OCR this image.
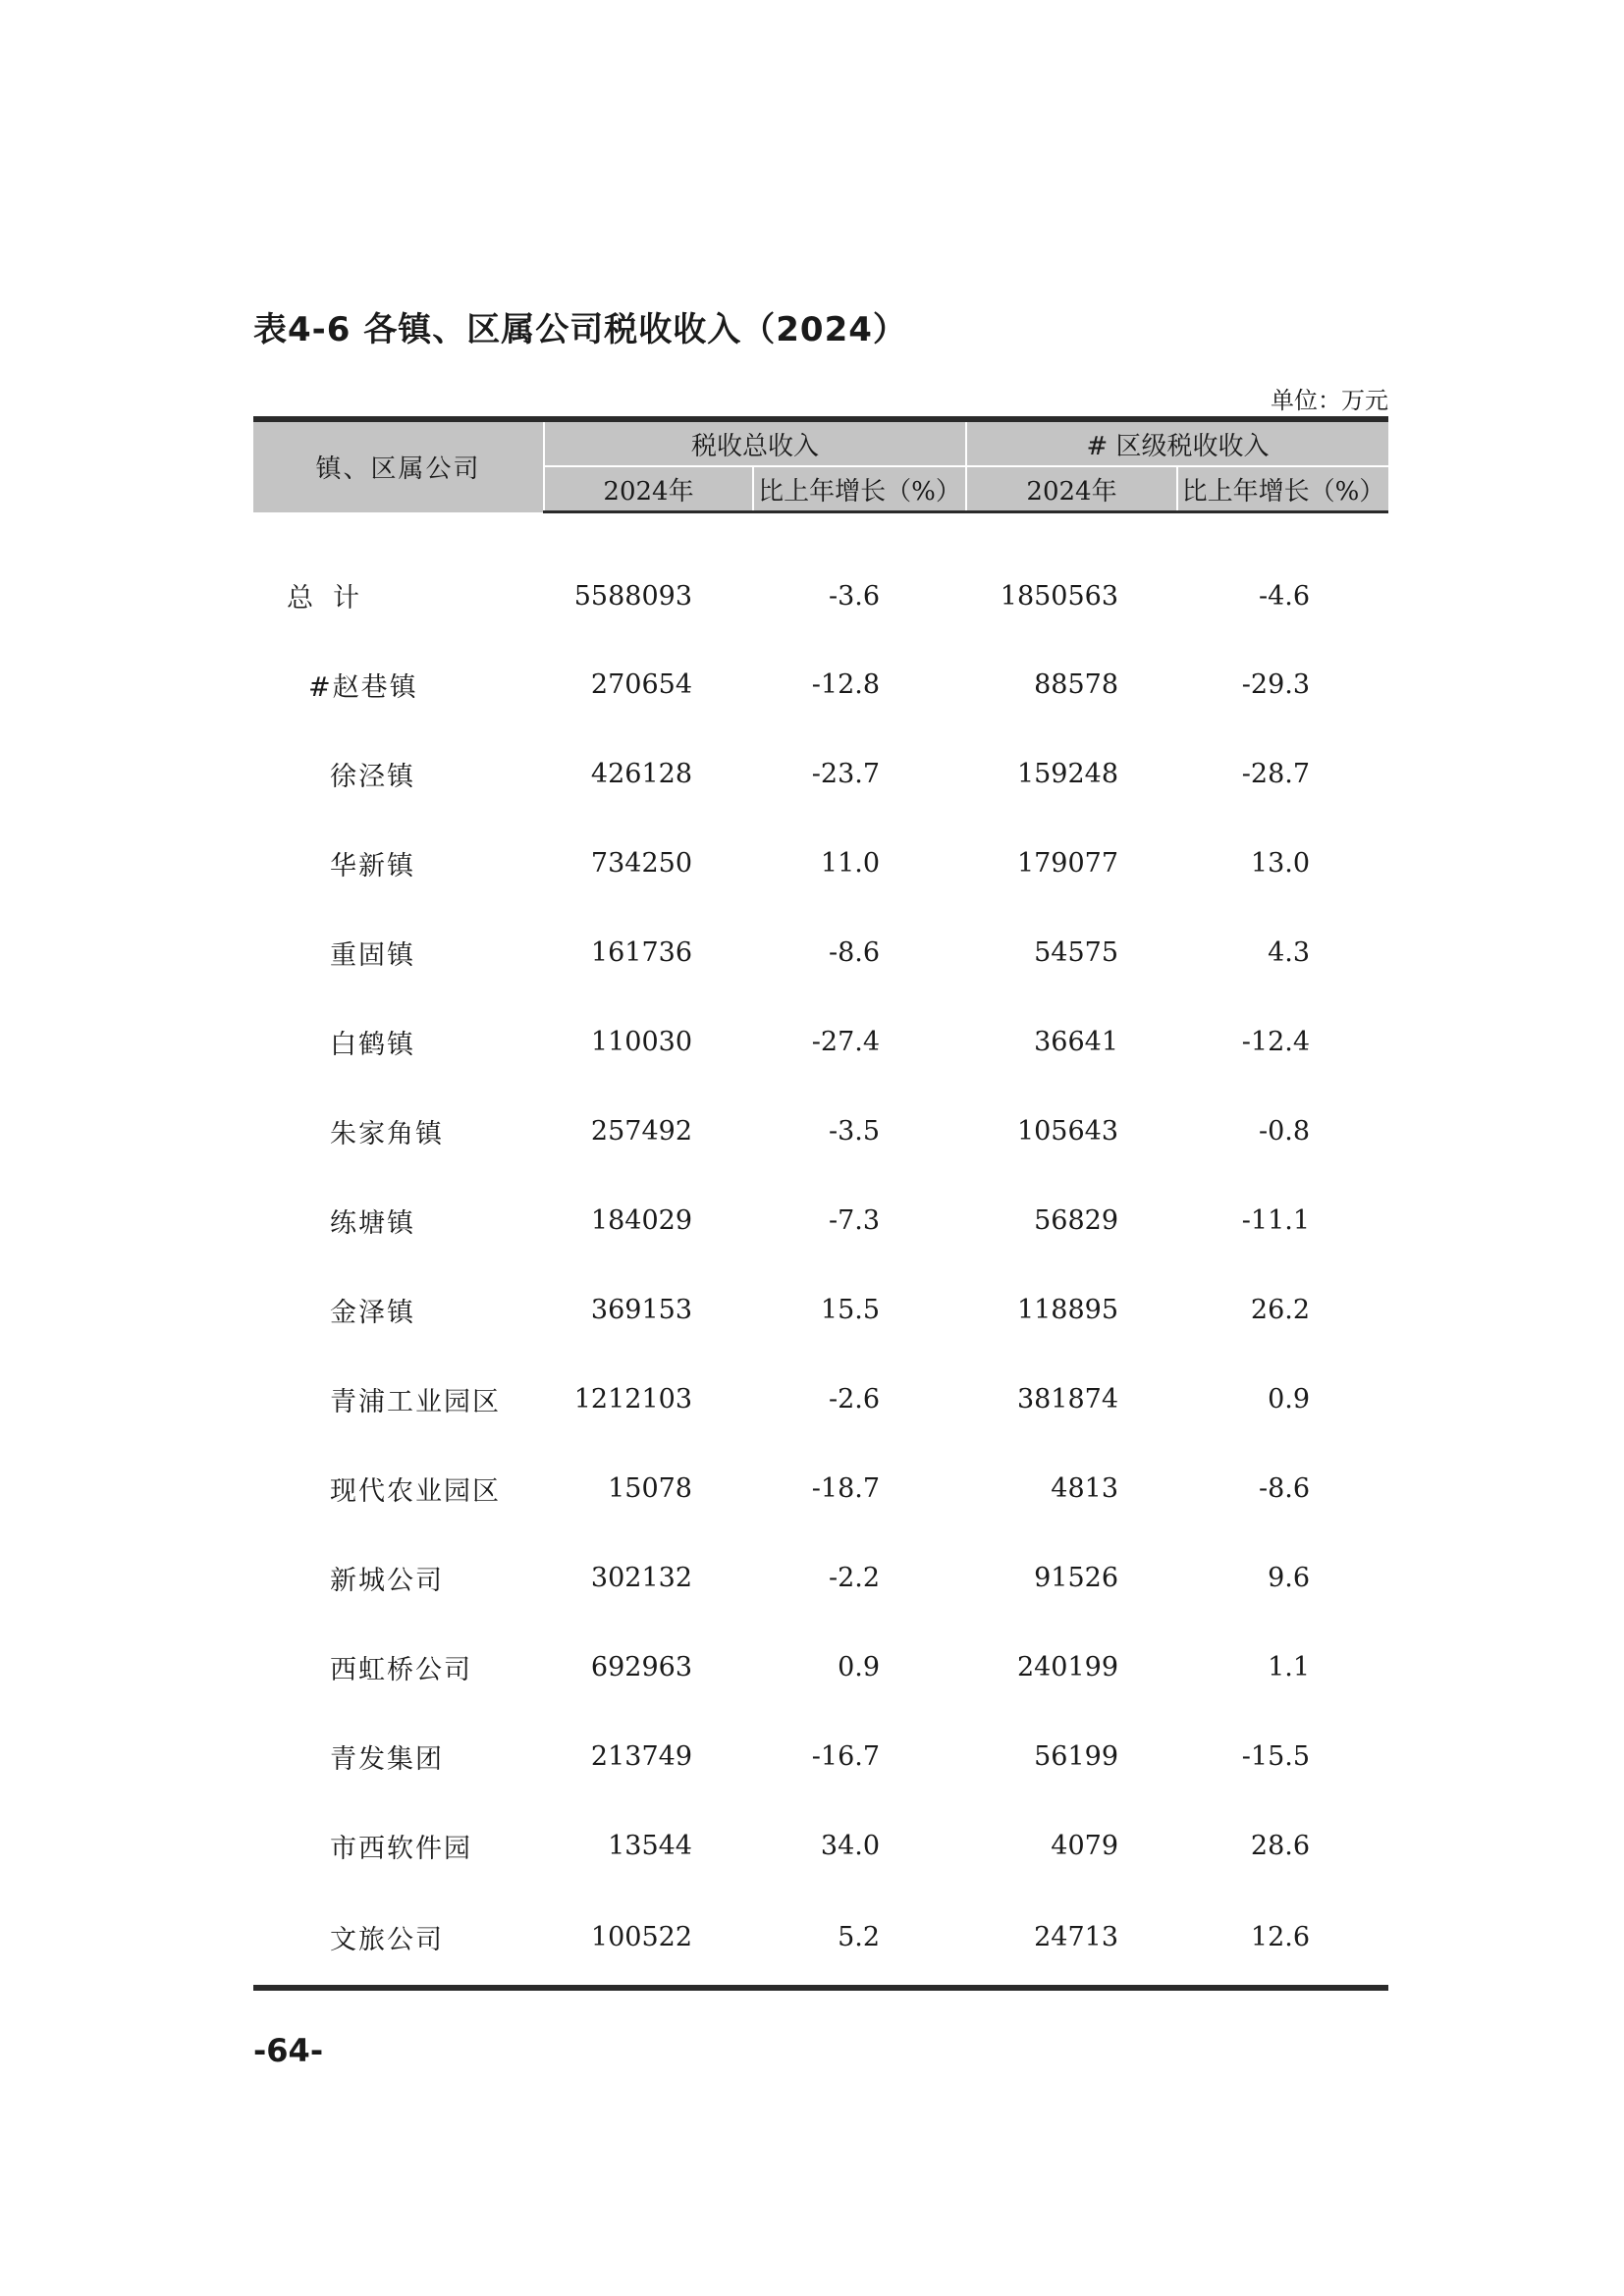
表4-6 各镇、区属公司税收收入（2024）
单位：万元
镇、区属公司	税收总收入		# 区级税收收入	
	2024年	比上年增长（%）	2024年	比上年增长（%）
总计	5588093	-3.6	1850563	-4.6
#赵巷镇	270654	-12.8	88578	-29.3
徐泾镇	426128	-23.7	159248	-28.7
华新镇	734250	11.0	179077	13.0
重固镇	161736	-8.6	54575	4.3
白鹤镇	110030	-27.4	36641	-12.4
朱家角镇	257492	-3.5	105643	-0.8
练塘镇	184029	-7.3	56829	-11.1
金泽镇	369153	15.5	118895	26.2
青浦工业园区	1212103	-2.6	381874	0.9
现代农业园区	15078	-18.7	4813	-8.6
新城公司	302132	-2.2	91526	9.6
西虹桥公司	692963	0.9	240199	1.1
青发集团	213749	-16.7	56199	-15.5
市西软件园	13544	34.0	4079	28.6
文旅公司	100522	5.2	24713	12.6
-64-
